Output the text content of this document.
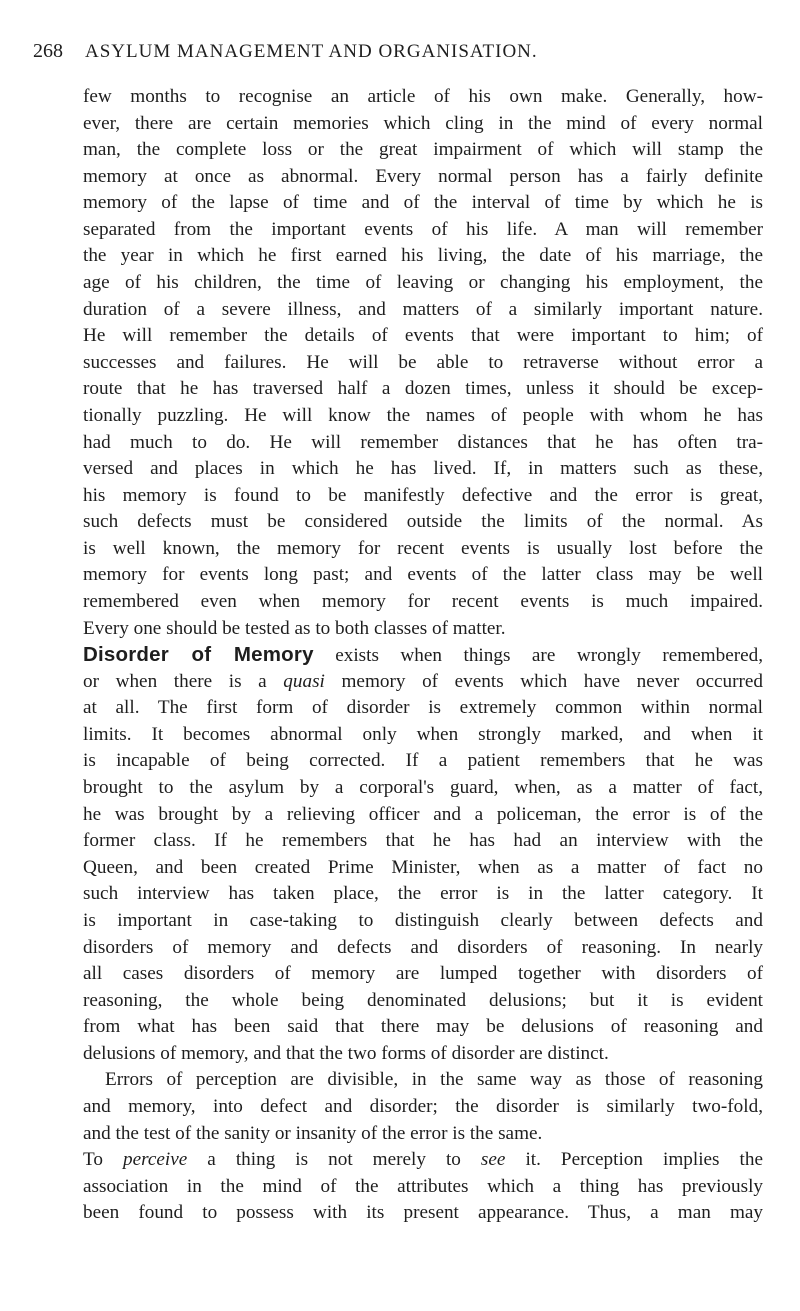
268 ASYLUM MANAGEMENT AND ORGANISATION.
few months to recognise an article of his own make. Generally, how-
ever, there are certain memories which cling in the mind of every normal
man, the complete loss or the great impairment of which will stamp the
memory at once as abnormal. Every normal person has a fairly definite
memory of the lapse of time and of the interval of time by which he is
separated from the important events of his life. A man will remember
the year in which he first earned his living, the date of his marriage, the
age of his children, the time of leaving or changing his employment, the
duration of a severe illness, and matters of a similarly important nature.
He will remember the details of events that were important to him; of
successes and failures. He will be able to retraverse without error a
route that he has traversed half a dozen times, unless it should be excep-
tionally puzzling. He will know the names of people with whom he has
had much to do. He will remember distances that he has often tra-
versed and places in which he has lived. If, in matters such as these,
his memory is found to be manifestly defective and the error is great,
such defects must be considered outside the limits of the normal. As
is well known, the memory for recent events is usually lost before the
memory for events long past; and events of the latter class may be well
remembered even when memory for recent events is much impaired.
Every one should be tested as to both classes of matter.
Disorder of Memory exists when things are wrongly remembered,
or when there is a quasi memory of events which have never occurred
at all. The first form of disorder is extremely common within normal
limits. It becomes abnormal only when strongly marked, and when it
is incapable of being corrected. If a patient remembers that he was
brought to the asylum by a corporal's guard, when, as a matter of fact,
he was brought by a relieving officer and a policeman, the error is of the
former class. If he remembers that he has had an interview with the
Queen, and been created Prime Minister, when as a matter of fact no
such interview has taken place, the error is in the latter category. It
is important in case-taking to distinguish clearly between defects and
disorders of memory and defects and disorders of reasoning. In nearly
all cases disorders of memory are lumped together with disorders of
reasoning, the whole being denominated delusions; but it is evident
from what has been said that there may be delusions of reasoning and
delusions of memory, and that the two forms of disorder are distinct.
Errors of perception are divisible, in the same way as those of reasoning
and memory, into defect and disorder; the disorder is similarly two-fold,
and the test of the sanity or insanity of the error is the same.
To perceive a thing is not merely to see it. Perception implies the
association in the mind of the attributes which a thing has previously
been found to possess with its present appearance. Thus, a man may
